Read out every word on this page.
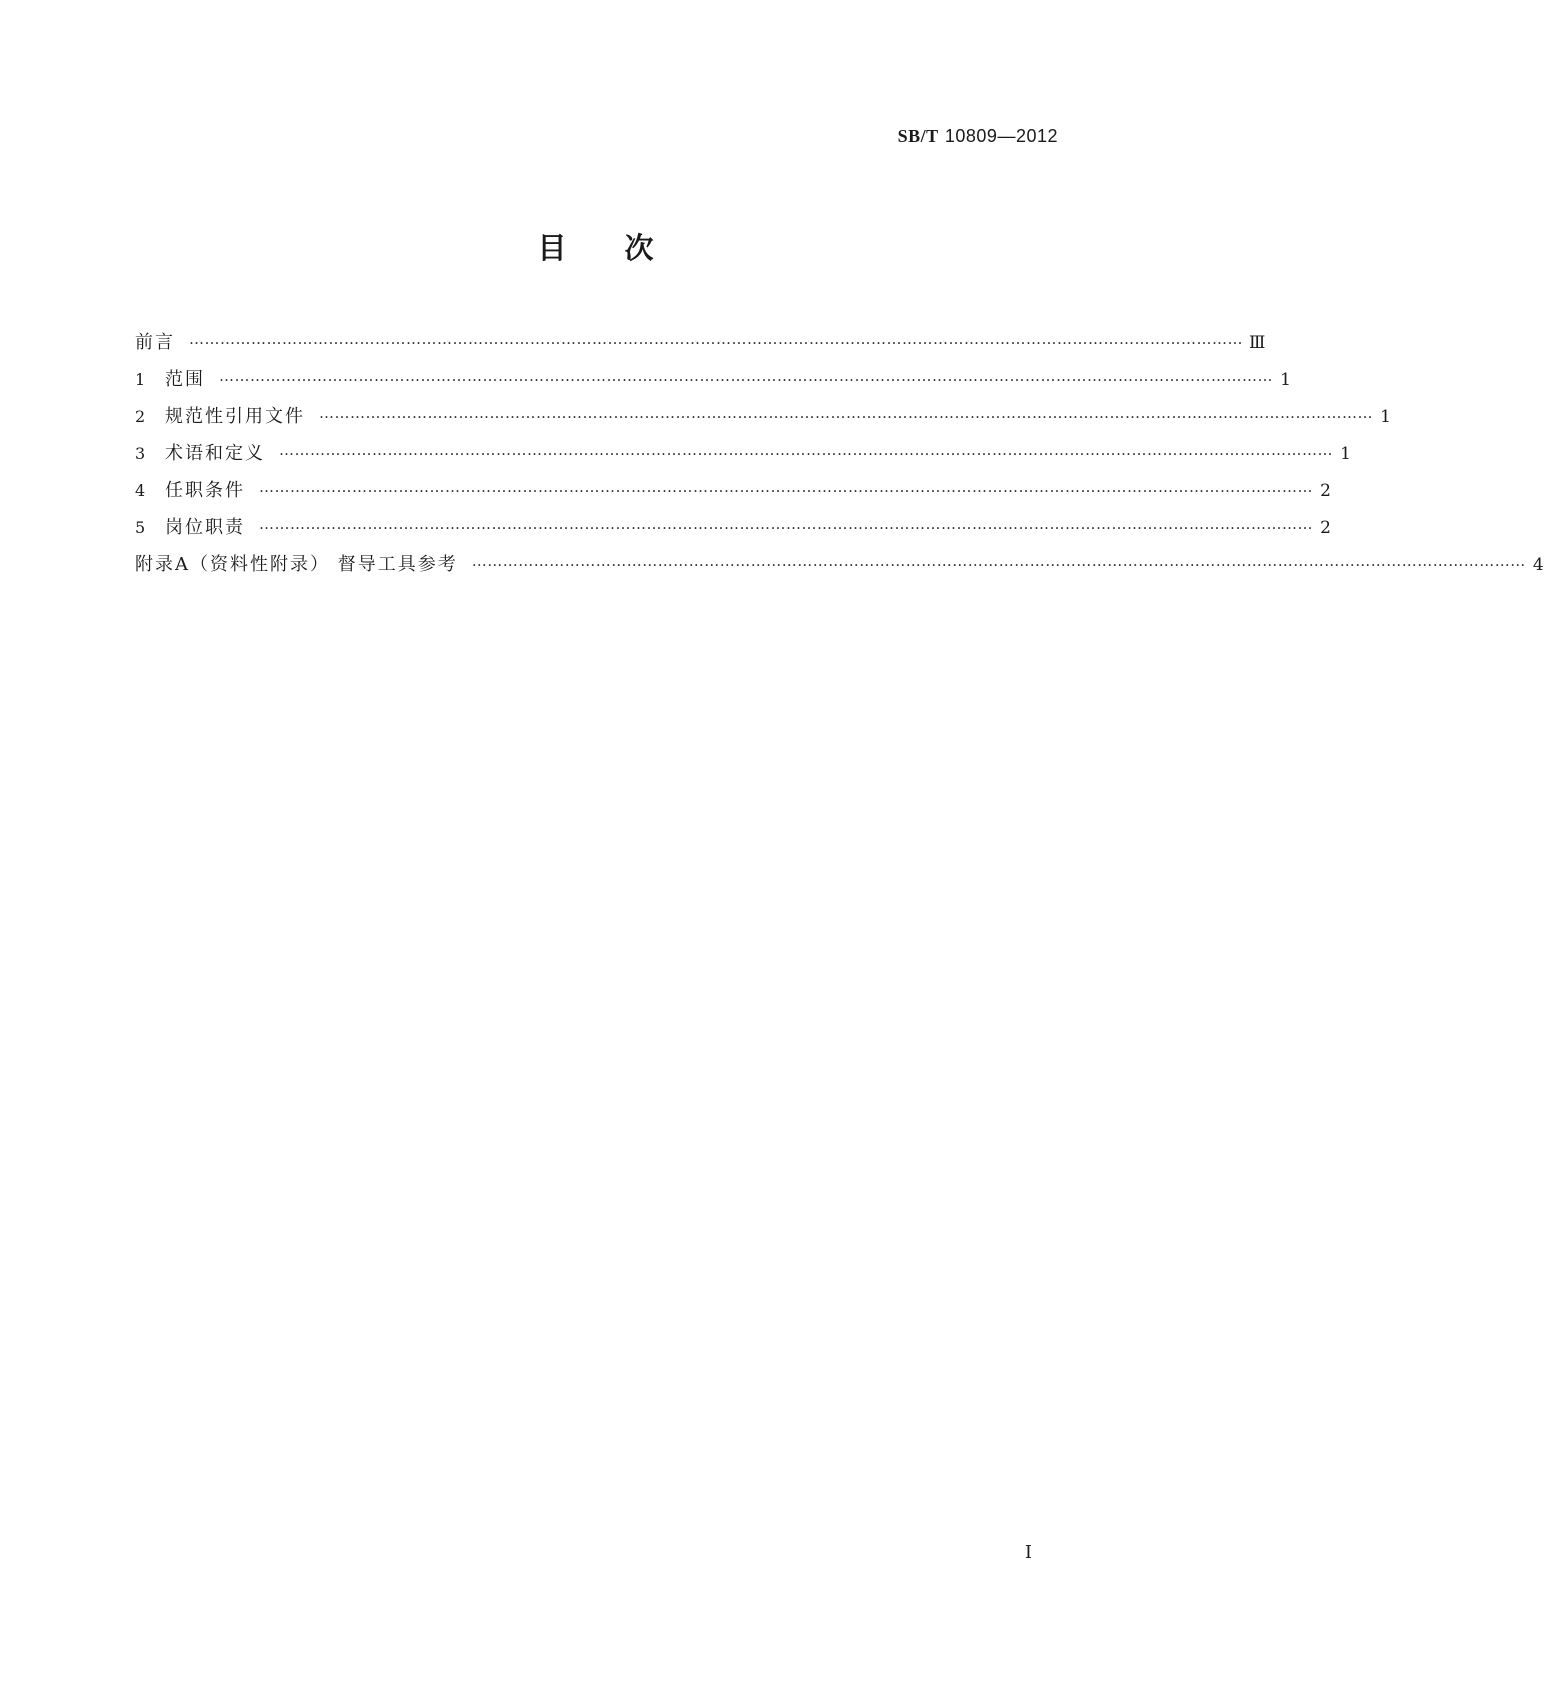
SB/T 10809—2012
目 次
前言 …………………………………………………………………………………………………………………………………………………………………………………… Ⅲ
1	范围 …………………………………………………………………………………………………………………………………………………………………………………… 1
2	规范性引用文件 …………………………………………………………………………………………………………………………………………………………………………………… 1
3	术语和定义 …………………………………………………………………………………………………………………………………………………………………………………… 1
4	任职条件 …………………………………………………………………………………………………………………………………………………………………………………… 2
5	岗位职责 …………………………………………………………………………………………………………………………………………………………………………………… 2
附录A（资料性附录） 督导工具参考 …………………………………………………………………………………………………………………………………………………………………………………… 4
I
